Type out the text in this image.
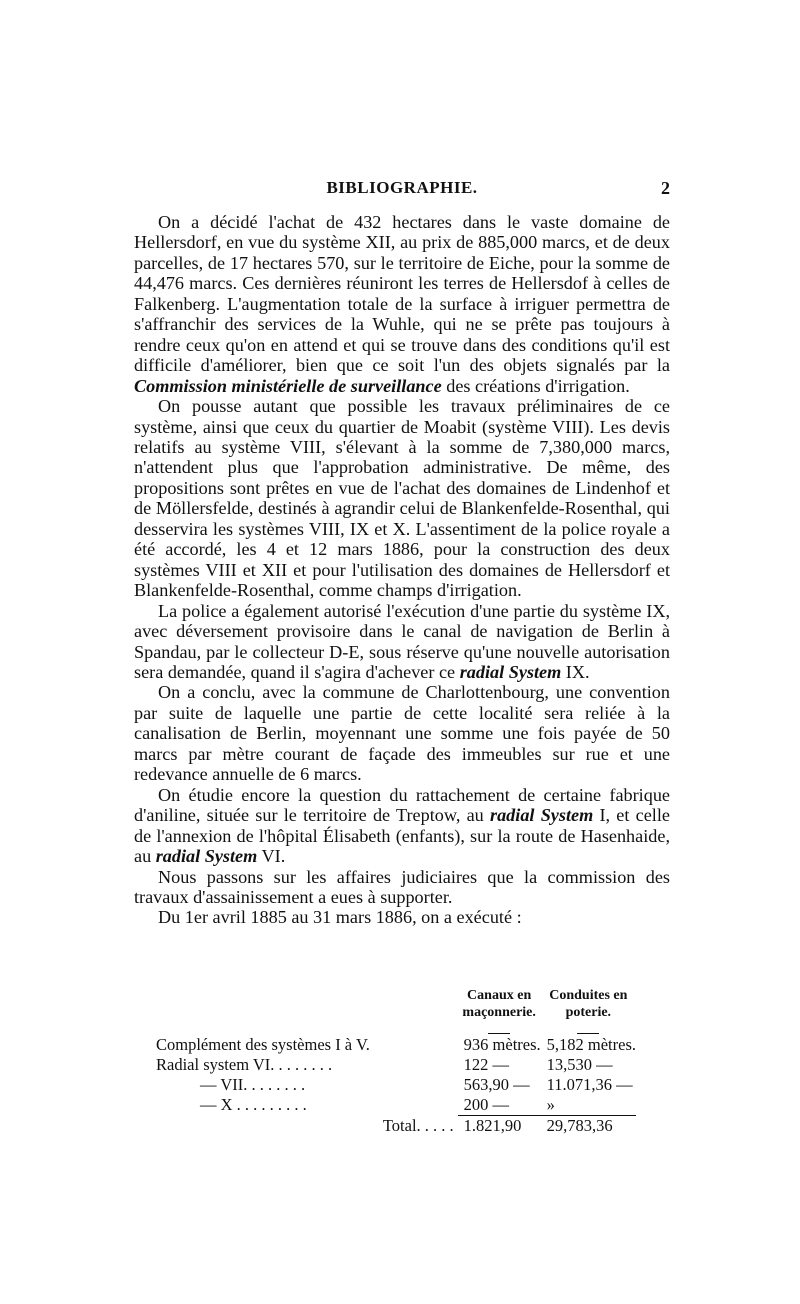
BIBLIOGRAPHIE.	2

On a décidé l'achat de 432 hectares dans le vaste domaine de Hellersdorf, en vue du système XII, au prix de 885,000 marcs, et de deux parcelles, de 17 hectares 570, sur le territoire de Eiche, pour la somme de 44,476 marcs. Ces dernières réuniront les terres de Hellersdof à celles de Falkenberg. L'augmentation totale de la surface à irriguer permettra de s'affranchir des services de la Wuhle, qui ne se prête pas toujours à rendre ceux qu'on en attend et qui se trouve dans des conditions qu'il est difficile d'améliorer, bien que ce soit l'un des objets signalés par la Commission ministérielle de surveillance des créations d'irrigation.

On pousse autant que possible les travaux préliminaires de ce système, ainsi que ceux du quartier de Moabit (système VIII). Les devis relatifs au système VIII, s'élevant à la somme de 7,380,000 marcs, n'attendent plus que l'approbation administrative. De même, des propositions sont prêtes en vue de l'achat des domaines de Lindenhof et de Möllersfelde, destinés à agrandir celui de Blankenfelde-Rosenthal, qui desservira les systèmes VIII, IX et X. L'assentiment de la police royale a été accordé, les 4 et 12 mars 1886, pour la construction des deux systèmes VIII et XII et pour l'utilisation des domaines de Hellersdorf et Blankenfelde-Rosenthal, comme champs d'irrigation.

La police a également autorisé l'exécution d'une partie du système IX, avec déversement provisoire dans le canal de navigation de Berlin à Spandau, par le collecteur D-E, sous réserve qu'une nouvelle autorisation sera demandée, quand il s'agira d'achever ce radial System IX.

On a conclu, avec la commune de Charlottenbourg, une convention par suite de laquelle une partie de cette localité sera reliée à la canalisation de Berlin, moyennant une somme une fois payée de 50 marcs par mètre courant de façade des immeubles sur rue et une redevance annuelle de 6 marcs.

On étudie encore la question du rattachement de certaine fabrique d'aniline, située sur le territoire de Treptow, au radial System I, et celle de l'annexion de l'hôpital Élisabeth (enfants), sur la route de Hasenhaide, au radial System VI.

Nous passons sur les affaires judiciaires que la commission des travaux d'assainissement a eues à supporter.

Du 1er avril 1885 au 31 mars 1886, on a exécuté :

	Canaux en maçonnerie.	Conduites en poterie.

Complément des systèmes I à V.	936 mètres.	5,182 mètres.
Radial system VI. . . . . . . .	122 —	13,530 —
— VII. . . . . . . .	563,90 —	11.071,36 —
— X . . . . . . . . .	200 —	»
Total. . . . .	1.821,90	29,783,36
